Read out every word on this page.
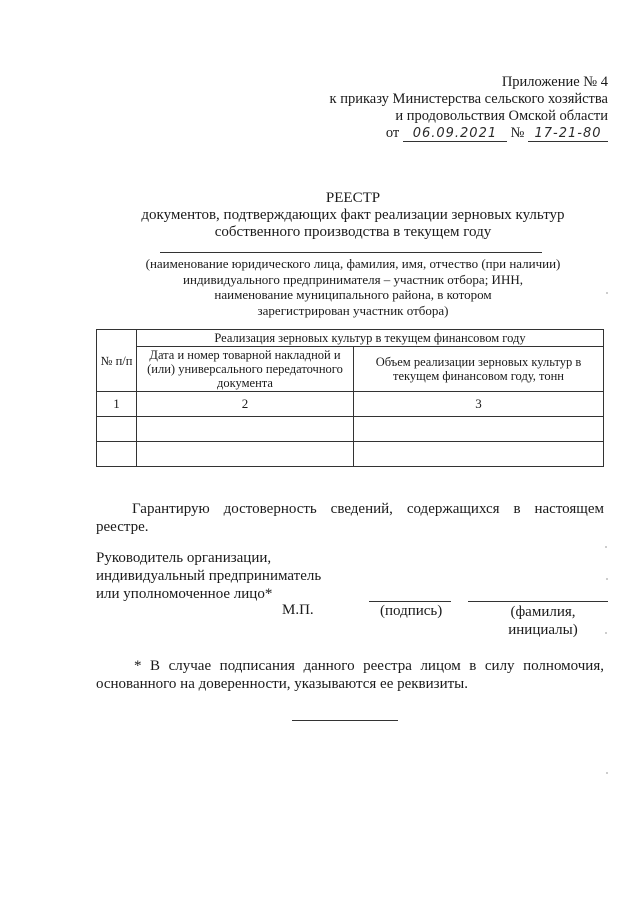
Приложение № 4
к приказу Министерства сельского хозяйства
и продовольствия Омской области
от 06.09.2021 № 17-21-80
РЕЕСТР
документов, подтверждающих факт реализации зерновых культур
собственного производства в текущем году
(наименование юридического лица, фамилия, имя, отчество (при наличии)
индивидуального предпринимателя – участник отбора; ИНН,
наименование муниципального района, в котором
зарегистрирован участник отбора)
№ п/п	Реализация зерновых культур в текущем финансовом году	
	Дата и номер товарной накладной и (или) универсального передаточного документа	Объем реализации зерновых культур в текущем финансовом году, тонн
1	2	3

Гарантирую достоверность сведений, содержащихся в настоящем реестре.
Руководитель организации,
индивидуальный предприниматель
или уполномоченное лицо*
М.П.	(подпись)	(фамилия,
инициалы)
* В случае подписания данного реестра лицом в силу полномочия, основанного на доверенности, указываются ее реквизиты.
